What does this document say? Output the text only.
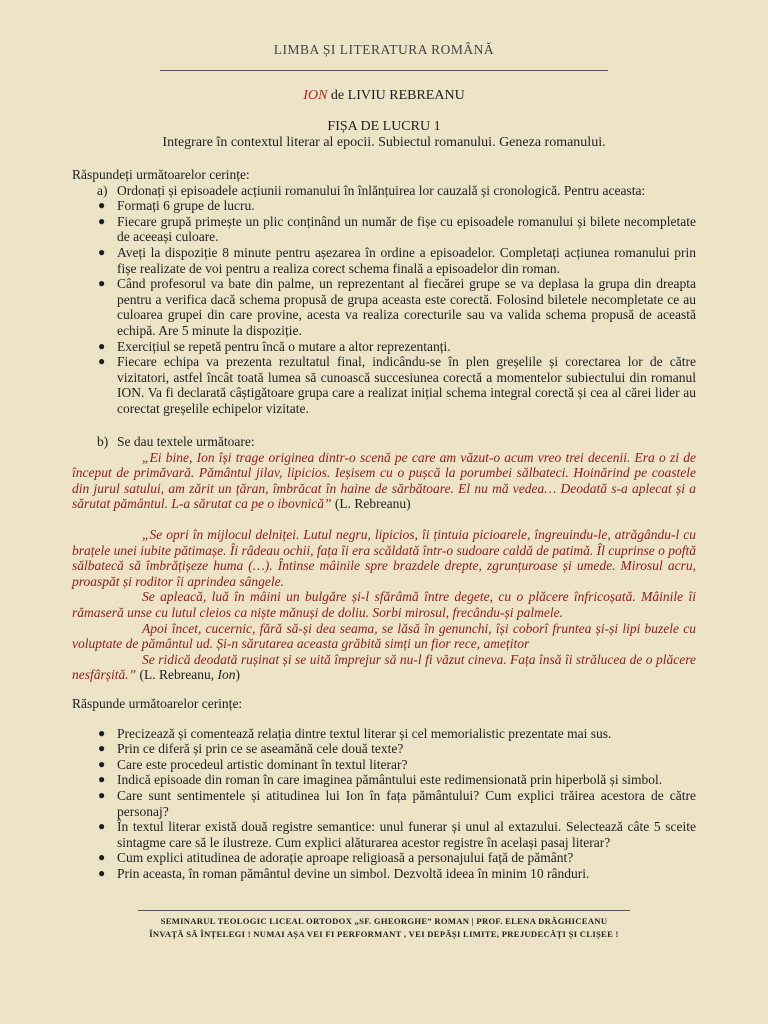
LIMBA ȘI LITERATURA ROMÂNĂ
ION de LIVIU REBREANU
FIȘA DE LUCRU 1
Integrare în contextul literar al epocii. Subiectul romanului. Geneza romanului.
Răspundeți următoarelor cerințe:
a) Ordonați și episoadele acțiunii romanului în înlănțuirea lor cauzală și cronologică. Pentru aceasta:
● Formați 6 grupe de lucru.
● Fiecare grupă primește un plic conținând un număr de fișe cu episoadele romanului și bilete necompletate de aceeași culoare.
● Aveți la dispoziție 8 minute pentru așezarea în ordine a episoadelor. Completați acțiunea romanului prin fișe realizate de voi pentru a realiza corect schema finală a episoadelor din roman.
● Când profesorul va bate din palme, un reprezentant al fiecărei grupe se va deplasa la grupa din dreapta pentru a verifica dacă schema propusă de grupa aceasta este corectă. Folosind biletele necompletate ce au culoarea grupei din care provine, acesta va realiza corecturile sau va valida schema propusă de această echipă. Are 5 minute la dispoziție.
● Exercițiul se repetă pentru încă o mutare a altor reprezentanți.
● Fiecare echipa va prezenta rezultatul final, indicându-se în plen greșelile și corectarea lor de către vizitatori, astfel încât toată lumea să cunoască succesiunea corectă a momentelor subiectului din romanul ION. Va fi declarată câștigătoare grupa care a realizat inițial schema integral corectă și cea al cărei lider au corectat greșelile echipelor vizitate.
b) Se dau textele următoare:
„Ei bine, Ion își trage originea dintr-o scenă pe care am văzut-o acum vreo trei decenii. Era o zi de început de primăvară. Pământul jilav, lipicios. Ieșisem cu o pușcă la porumbei sălbateci. Hoinărind pe coastele din jurul satului, am zărit un țăran, îmbrăcat în haine de sărbătoare. El nu mă vedea… Deodată s-a aplecat și a sărutat pământul. L-a sărutat ca pe o ibovnică” (L. Rebreanu)
„Se opri în mijlocul delniței. Lutul negru, lipicios, îi țintuia picioarele, îngreuindu-le, atrăgându-l cu brațele unei iubite pătimașe. Îi râdeau ochii, fața îi era scăldată într-o sudoare caldă de patimă. Îl cuprinse o poftă sălbatecă să îmbrățișeze huma (…). Întinse mâinile spre brazdele drepte, zgrunțuroase și umede. Mirosul acru, proaspăt și roditor îi aprindea sângele.
Se apleacă, luă în mâini un bulgăre și-l sfărâmă între degete, cu o plăcere înfricoșată. Mâinile îi rămaseră unse cu lutul cleios ca niște mănuși de doliu. Sorbi mirosul, frecându-și palmele.
Apoi încet, cucernic, fără să-și dea seama, se lăsă în genunchi, își coborî fruntea și-și lipi buzele cu voluptate de pământul ud. Și-n sărutarea aceasta grăbită simți un fior rece, amețitor
Se ridică deodată rușinat și se uită împrejur să nu-l fi văzut cineva. Fața însă îi strălucea de o plăcere nesfârșită.” (L. Rebreanu, Ion)
Răspunde următoarelor cerințe:
● Precizează și comentează relația dintre textul literar și cel memorialistic prezentate mai sus.
● Prin ce diferă și prin ce se aseamănă cele două texte?
● Care este procedeul artistic dominant în textul literar?
● Indică episoade din roman în care imaginea pământului este redimensionată prin hiperbolă și simbol.
● Care sunt sentimentele și atitudinea lui Ion în fața pământului? Cum explici trăirea acestora de către personaj?
● În textul literar există două registre semantice: unul funerar și unul al extazului. Selectează câte 5 sceite sintagme care să le ilustreze. Cum explici alăturarea acestor registre în același pasaj literar?
● Cum explici atitudinea de adorație aproape religioasă a personajului față de pământ?
● Prin aceasta, în roman pământul devine un simbol. Dezvoltă ideea în minim 10 rânduri.
SEMINARUL TEOLOGIC LICEAL ORTODOX „SF. GHEORGHE” ROMAN | PROF. ELENA DRĂGHICEANU
ÎNVAȚĂ SĂ ÎNȚELEGI ! NUMAI AȘA VEI FI PERFORMANT , VEI DEPĂȘI LIMITE, PREJUDECĂȚI ȘI CLIȘEE !
